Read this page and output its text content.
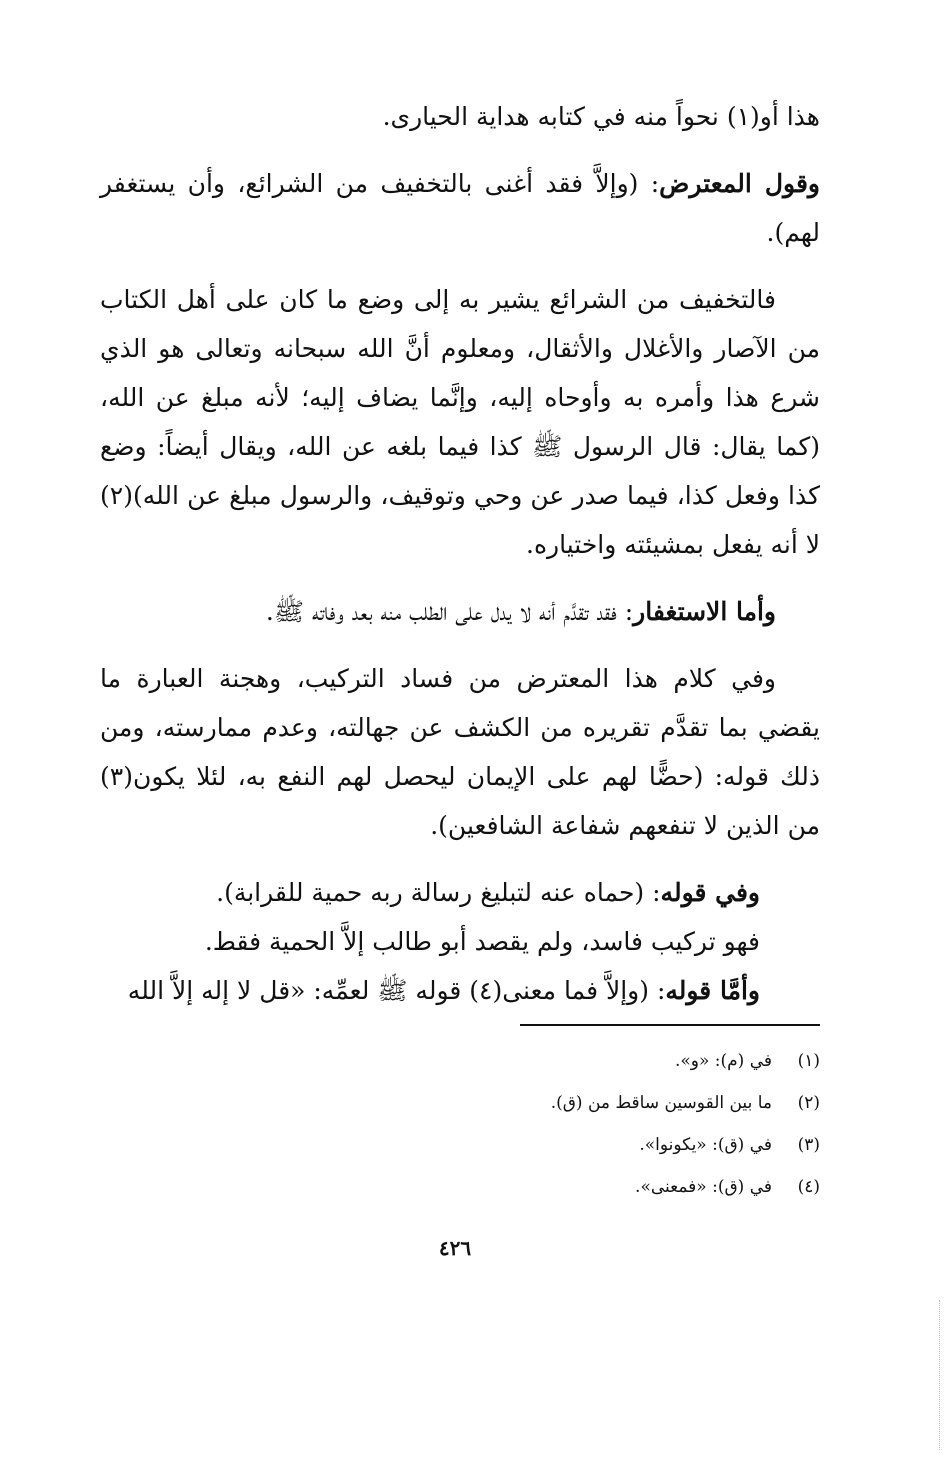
هذا أو(١) نحواً منه في كتابه هداية الحيارى.

وقول المعترض: (وإلاَّ فقد أغنى بالتخفيف من الشرائع، وأن يستغفر لهم).

فالتخفيف من الشرائع يشير به إلى وضع ما كان على أهل الكتاب من الآصار والأغلال والأثقال، ومعلوم أنَّ الله سبحانه وتعالى هو الذي شرع هذا وأمره به وأوحاه إليه، وإنَّما يضاف إليه؛ لأنه مبلغ عن الله، (كما يقال: قال الرسول ﷺ كذا فيما بلغه عن الله، ويقال أيضاً: وضع كذا وفعل كذا، فيما صدر عن وحي وتوقيف، والرسول مبلغ عن الله)(٢) لا أنه يفعل بمشيئته واختياره.

وأما الاستغفار: فقد تقدَّم أنه لا يدل على الطلب منه بعد وفاته ﷺ.

وفي كلام هذا المعترض من فساد التركيب، وهجنة العبارة ما يقضي بما تقدَّم تقريره من الكشف عن جهالته، وعدم ممارسته، ومن ذلك قوله: (حضًّا لهم على الإيمان ليحصل لهم النفع به، لئلا يكون(٣) من الذين لا تنفعهم شفاعة الشافعين).

وفي قوله: (حماه عنه لتبليغ رسالة ربه حمية للقرابة).

فهو تركيب فاسد، ولم يقصد أبو طالب إلاَّ الحمية فقط.

وأمَّا قوله: (وإلاَّ فما معنى(٤) قوله ﷺ لعمِّه: «قل لا إله إلاَّ الله

(١)في (م): «و».
(٢)ما بين القوسين ساقط من (ق).
(٣)في (ق): «يكونوا».
(٤)في (ق): «فمعنى».
٤٢٦
